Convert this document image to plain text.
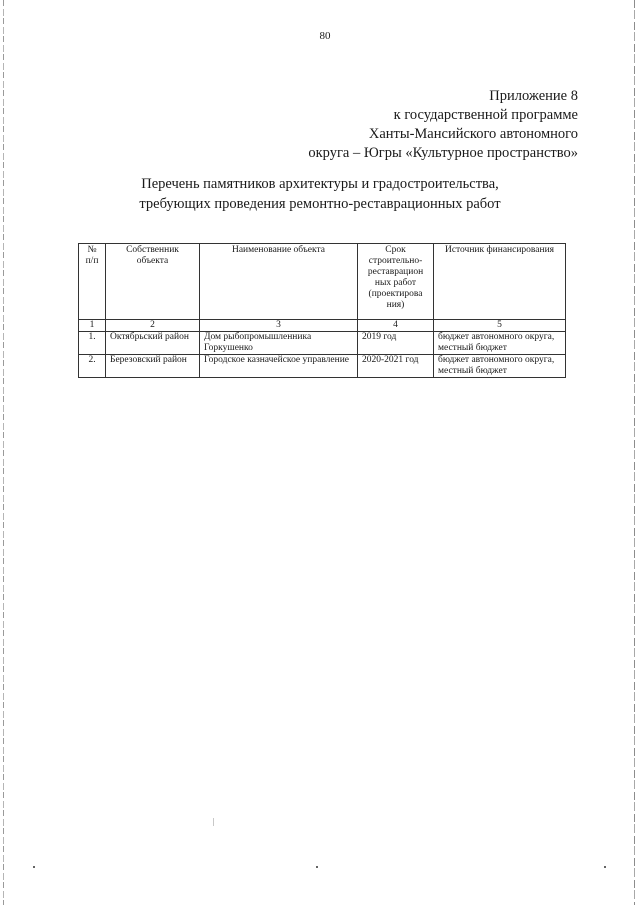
80
Приложение 8
к государственной программе
Ханты-Мансийского автономного
округа – Югры «Культурное пространство»
Перечень памятников архитектуры и градостроительства,
требующих проведения ремонтно-реставрационных работ
№ п/п	Собственник объекта	Наименование объекта	Срок строительно-реставрацион ных работ (проектирова ния)	Источник финансирования
1	2	3	4	5
1.	Октябрьский район	Дом рыбопромышленника Горкушенко	2019 год	бюджет автономного округа, местный бюджет
2.	Березовский район	Городское казначейское управление	2020-2021 год	бюджет автономного округа, местный бюджет
